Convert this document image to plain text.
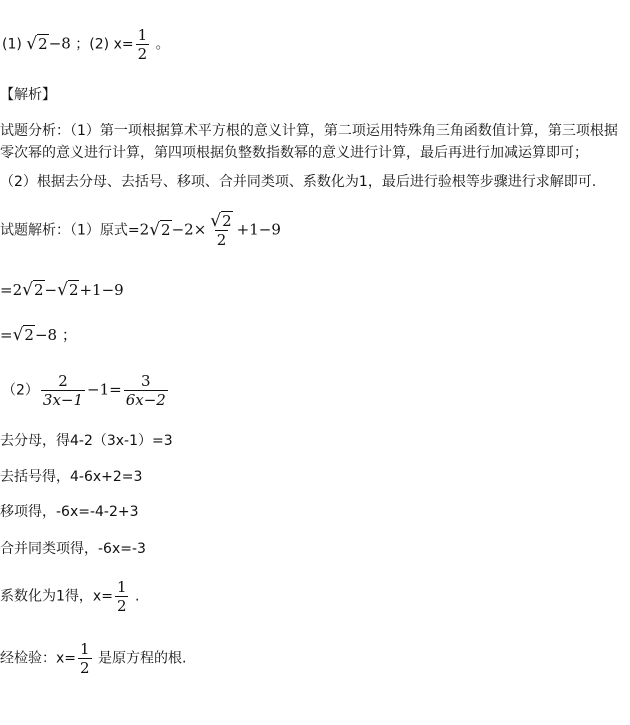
(1) √2−8 ；(2) $x= \frac{1}{2}$ 。
【解析】
试题分析：（1）第一项根据算术平方根的意义计算，第二项运用特殊角三角函数值计算，第三项根据零次幂的意义进行计算，第四项根据负整数指数幂的意义进行计算，最后再进行加减运算即可；
（2）根据去分母、去括号、移项、合并同类项、系数化为1，最后进行验根等步骤进行求解即可.
试题解析：（1）原式$=2√2-2\times \frac{√2}{2} +1-9$
=2√2−√2+1−9
=√2−8 ；
$(2) \frac{2}{3x-1} -1= \frac{3}{6x-2}$
去分母，得4-2（3x-1）=3
去括号得，4-6x+2=3
移项得，-6x=-4-2+3
合并同类项得，-6x=-3
系数化为1得，$x= \frac{1}{2}$ .
经检验：$x= \frac{1}{2}$ 是原方程的根.
